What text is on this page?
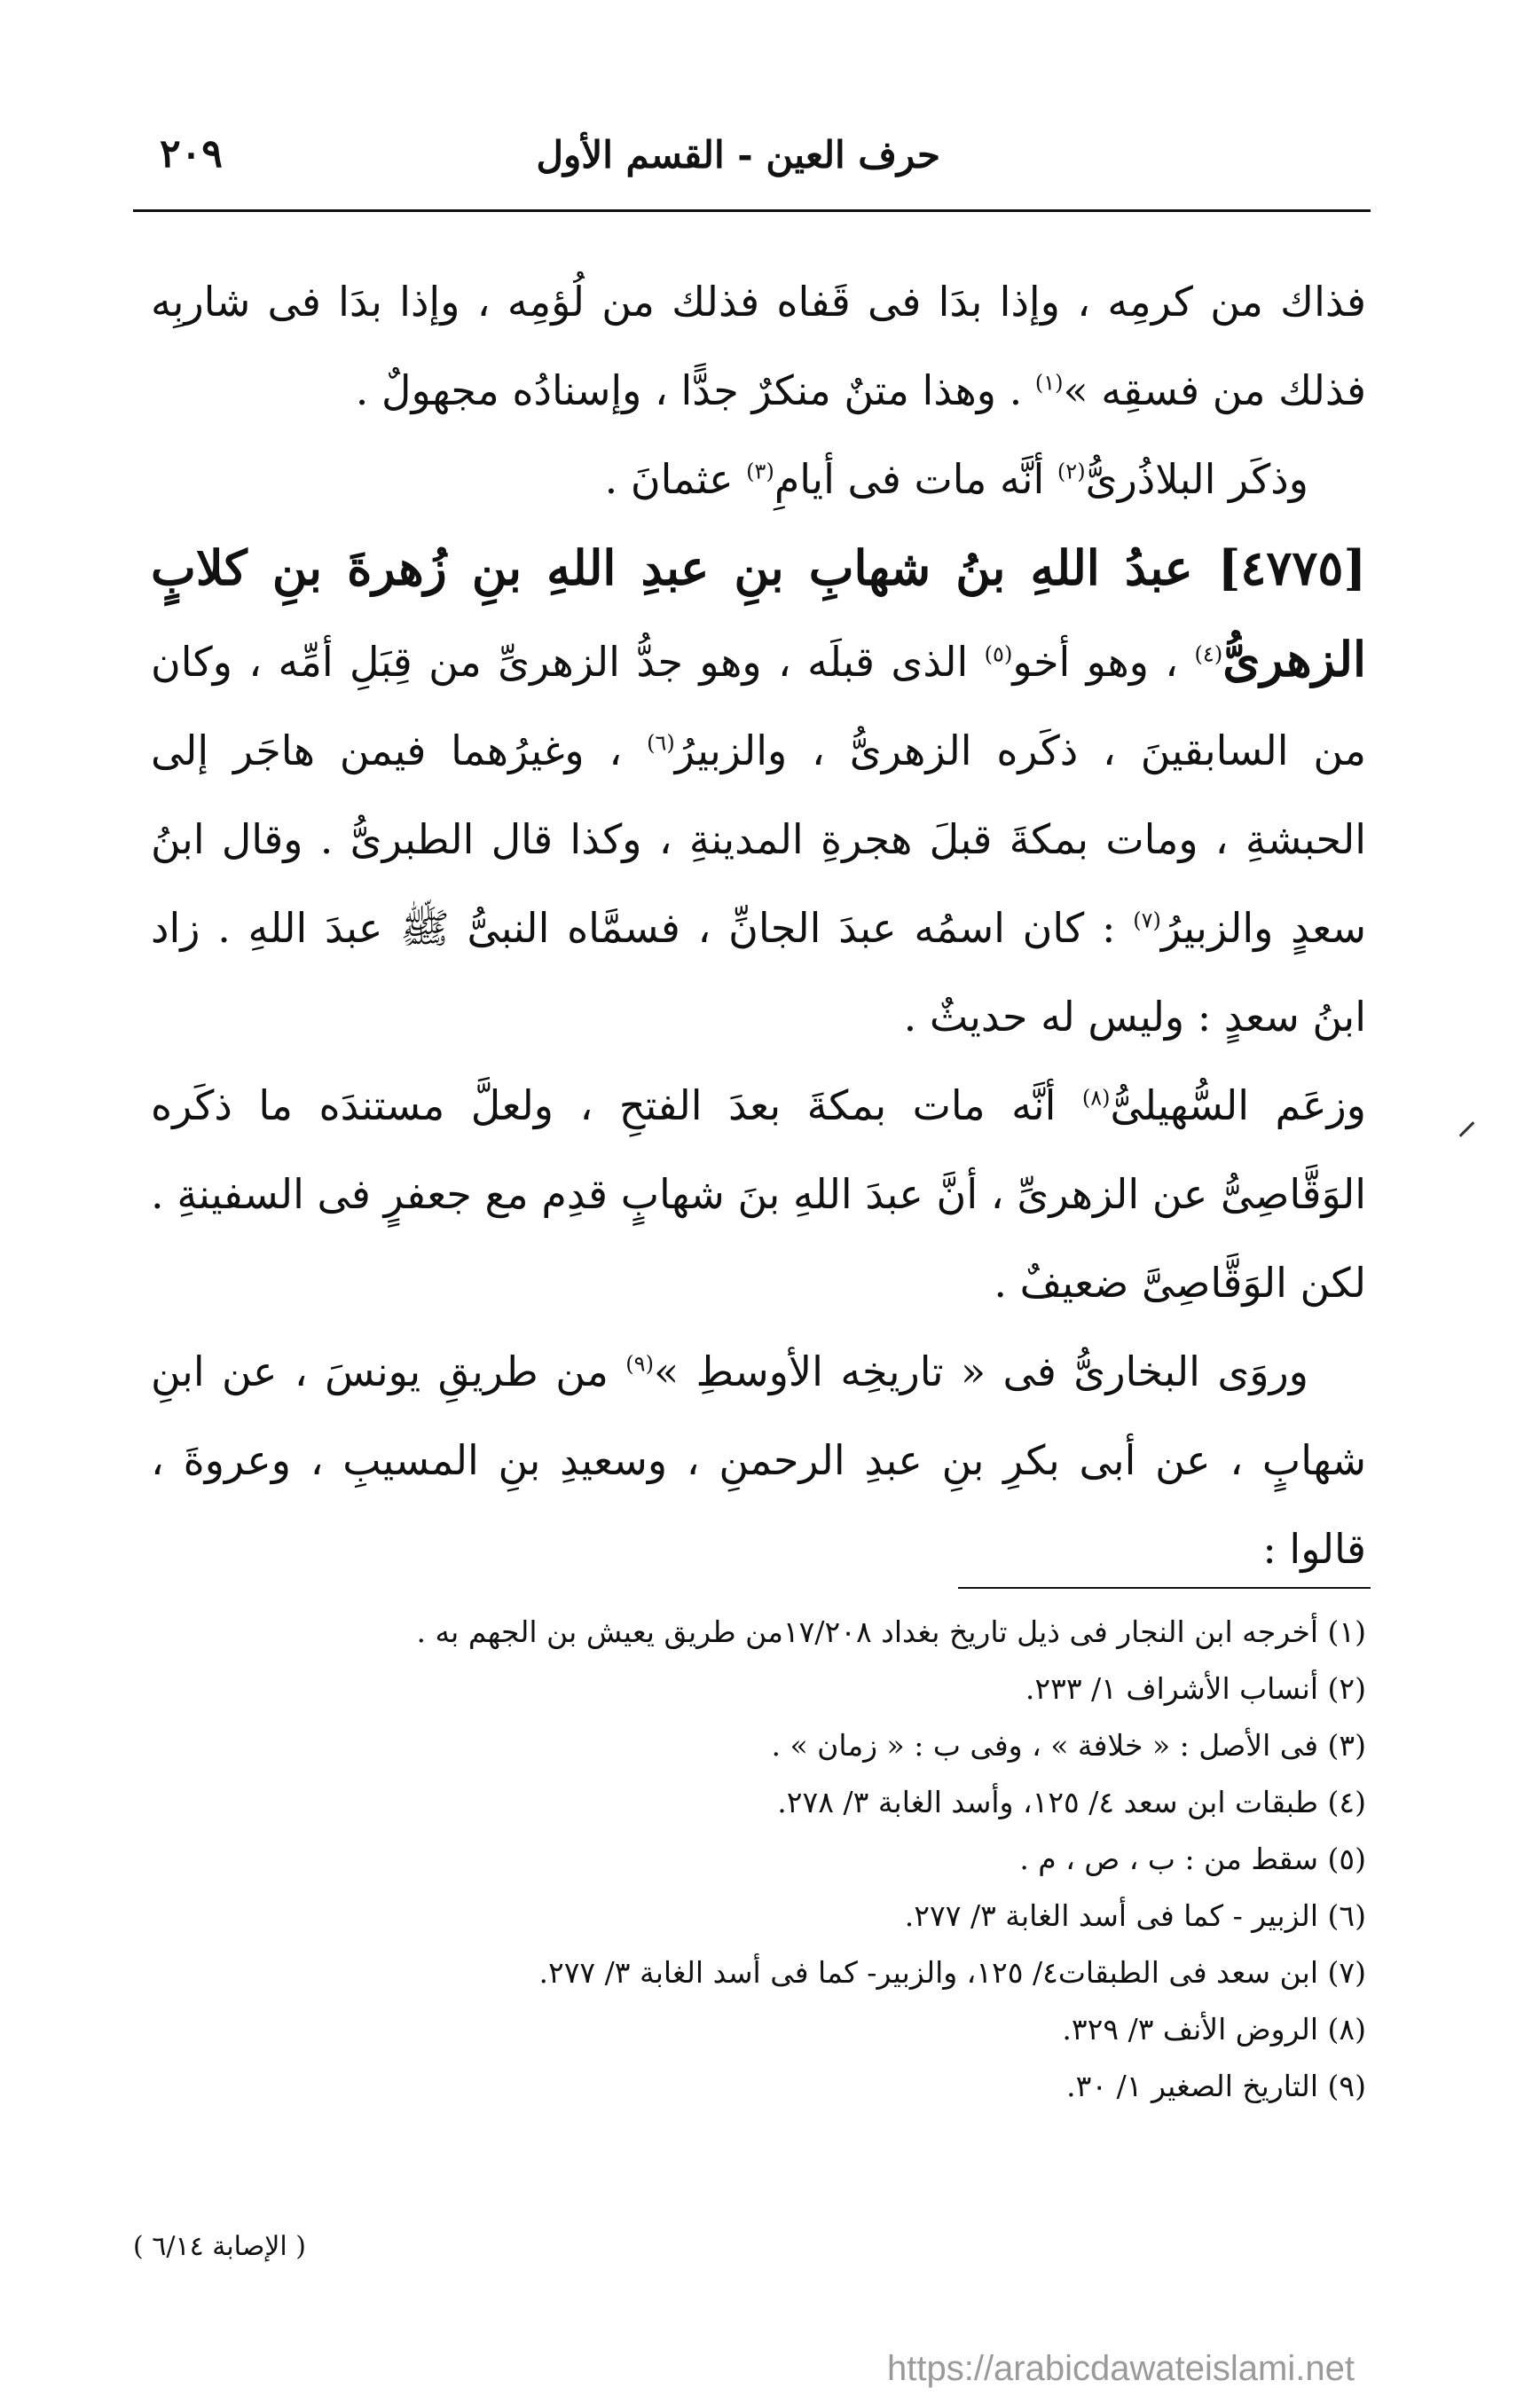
حرف العين - القسم الأول
٢٠٩

فذاك من كرمِه ، وإذا بدَا فى قَفاه فذلك من لُؤمِه ، وإذا بدَا فى شاربِه فذلك من فسقِه »$^{(١)}$ . وهذا متنٌ منكرٌ جدًّا ، وإسنادُه مجهولٌ .

وذكَر البلاذُرىُّ$^{(٢)}$ أنَّه مات فى أيامِ$^{(٣)}$ عثمانَ .

[٤٧٧٥] عبدُ اللهِ بنُ شهابِ بنِ عبدِ اللهِ بنِ زُهرةَ بنِ كلابٍ الزهرىُّ$^{(٤)}$ ، وهو أخو$^{(٥)}$ الذى قبلَه ، وهو جدُّ الزهرىِّ من قِبَلِ أمِّه ، وكان من السابقينَ ، ذكَره الزهرىُّ ، والزبيرُ$^{(٦)}$ ، وغيرُهما فيمن هاجَر إلى الحبشةِ ، ومات بمكةَ قبلَ هجرةِ المدينةِ ، وكذا قال الطبرىُّ . وقال ابنُ سعدٍ والزبيرُ$^{(٧)}$ : كان اسمُه عبدَ الجانِّ ، فسمَّاه النبىُّ ﷺ عبدَ اللهِ . زاد ابنُ سعدٍ : وليس له حديثٌ .

وزعَم السُّهيلىُّ$^{(٨)}$ أنَّه مات بمكةَ بعدَ الفتحِ ، ولعلَّ مستندَه ما ذكَره الوَقَّاصِىُّ عن الزهرىِّ ، أنَّ عبدَ اللهِ بنَ شهابٍ قدِم مع جعفرٍ فى السفينةِ . لكن الوَقَّاصِىَّ ضعيفٌ .

وروَى البخارىُّ فى « تاريخِه الأوسطِ »$^{(٩)}$ من طريقِ يونسَ ، عن ابنِ شهابٍ ، عن أبى بكرِ بنِ عبدِ الرحمنِ ، وسعيدِ بنِ المسيبِ ، وعروةَ ، قالوا :

(١) أخرجه ابن النجار فى ذيل تاريخ بغداد ١٧/٢٠٨من طريق يعيش بن الجهم به .
(٢) أنساب الأشراف ١/ ٢٣٣.
(٣) فى الأصل : « خلافة » ، وفى ب : « زمان » .
(٤) طبقات ابن سعد ٤/ ١٢٥، وأسد الغابة ٣/ ٢٧٨.
(٥) سقط من : ب ، ص ، م .
(٦) الزبير - كما فى أسد الغابة ٣/ ٢٧٧.
(٧) ابن سعد فى الطبقات٤/ ١٢٥، والزبير- كما فى أسد الغابة ٣/ ٢٧٧.
(٨) الروض الأنف ٣/ ٣٢٩.
(٩) التاريخ الصغير ١/ ٣٠.
( الإصابة ٦/١٤ )
https://arabicdawateislami.net
